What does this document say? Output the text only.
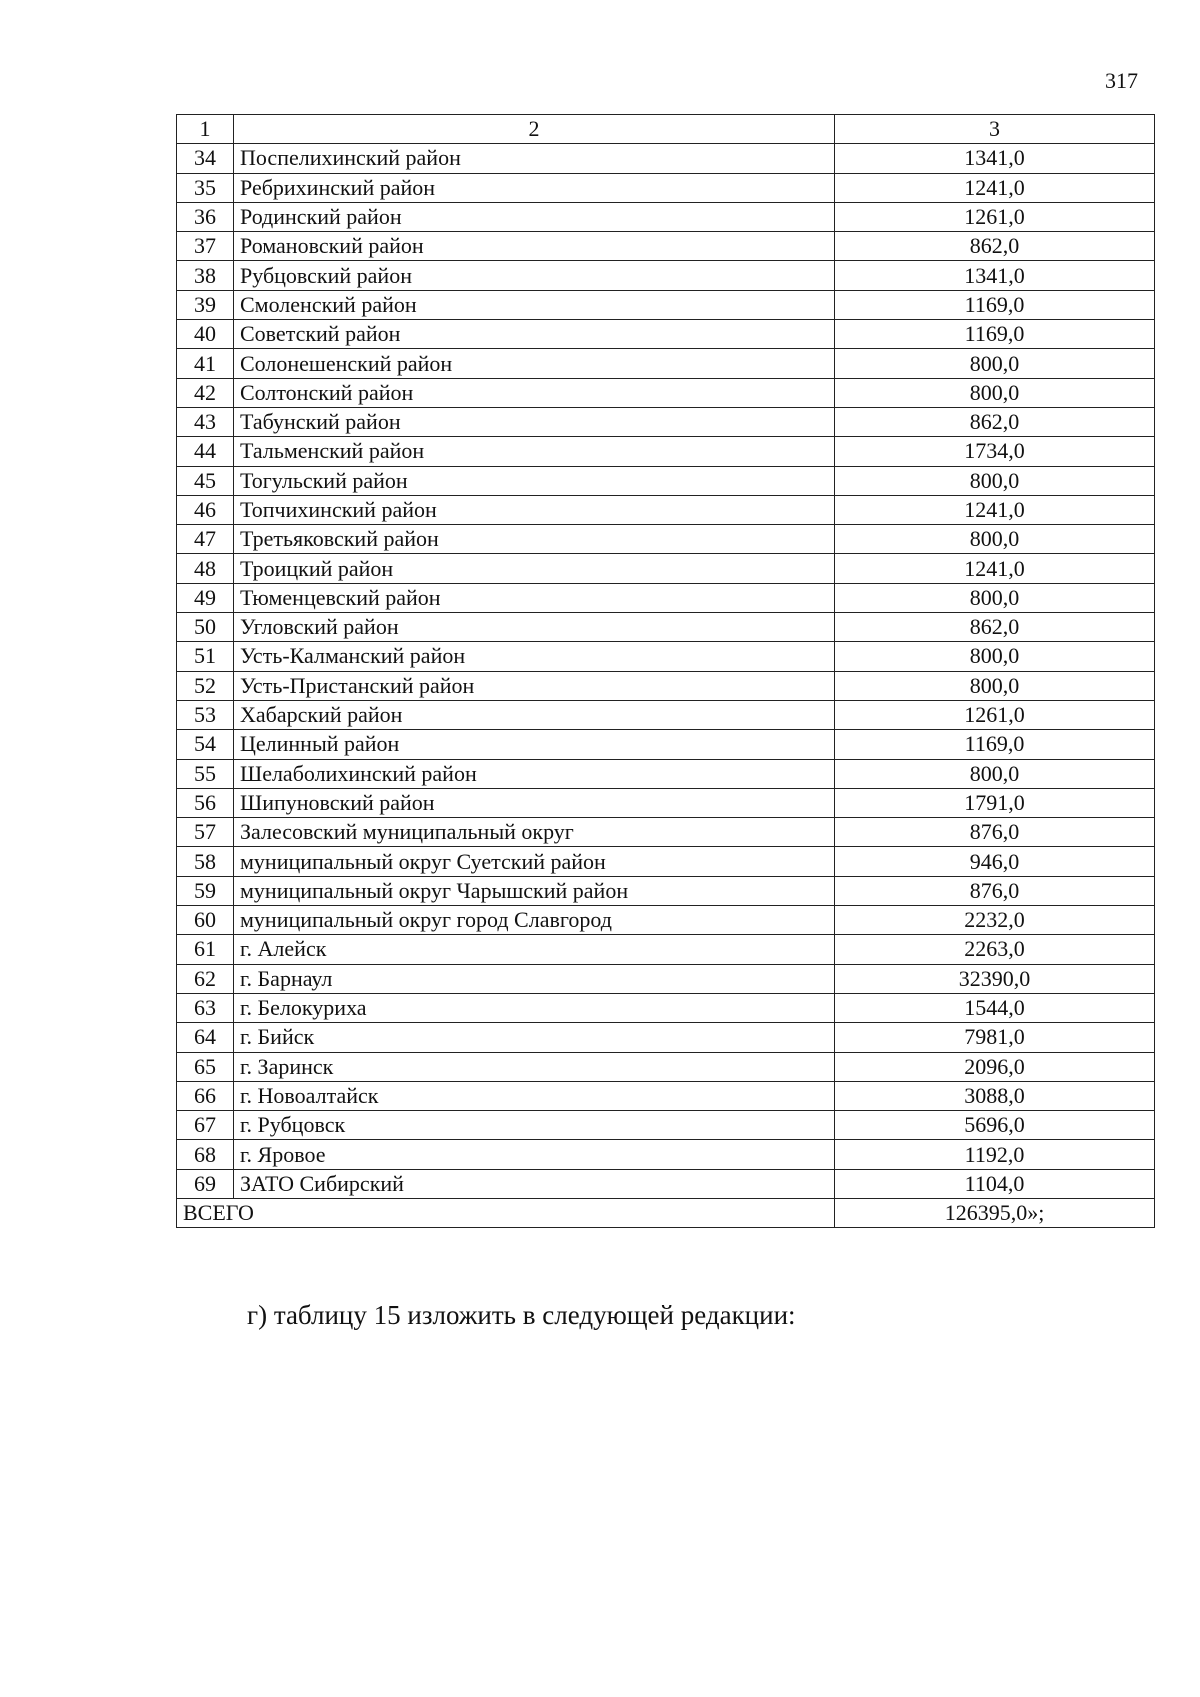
317
1	2	3
34	Поспелихинский район	1341,0
35	Ребрихинский район	1241,0
36	Родинский район	1261,0
37	Романовский район	862,0
38	Рубцовский район	1341,0
39	Смоленский район	1169,0
40	Советский район	1169,0
41	Солонешенский район	800,0
42	Солтонский район	800,0
43	Табунский район	862,0
44	Тальменский район	1734,0
45	Тогульский район	800,0
46	Топчихинский район	1241,0
47	Третьяковский район	800,0
48	Троицкий район	1241,0
49	Тюменцевский район	800,0
50	Угловский район	862,0
51	Усть-Калманский район	800,0
52	Усть-Пристанский район	800,0
53	Хабарский район	1261,0
54	Целинный район	1169,0
55	Шелаболихинский район	800,0
56	Шипуновский район	1791,0
57	Залесовский муниципальный округ	876,0
58	муниципальный округ Суетский район	946,0
59	муниципальный округ Чарышский район	876,0
60	муниципальный округ город Славгород	2232,0
61	г. Алейск	2263,0
62	г. Барнаул	32390,0
63	г. Белокуриха	1544,0
64	г. Бийск	7981,0
65	г. Заринск	2096,0
66	г. Новоалтайск	3088,0
67	г. Рубцовск	5696,0
68	г. Яровое	1192,0
69	ЗАТО Сибирский	1104,0
ВСЕГО		126395,0»;
г) таблицу 15 изложить в следующей редакции:
